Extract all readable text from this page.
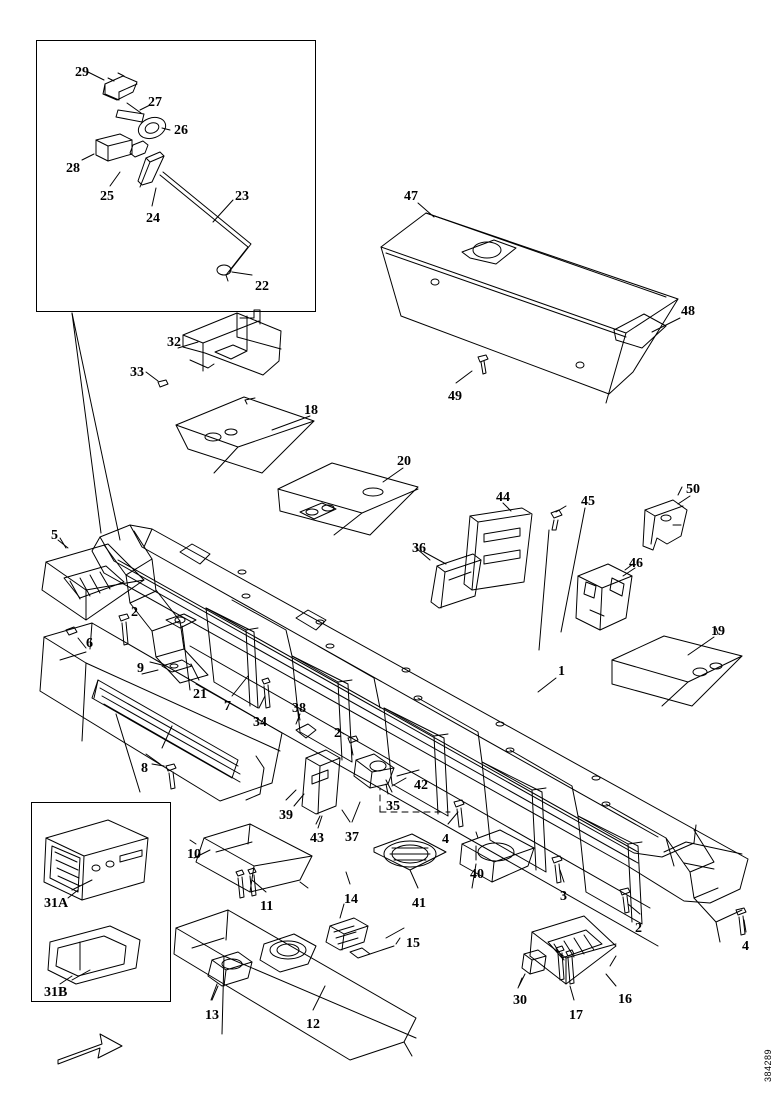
29
27
26
28
25
24
23
22
47
48
49
32
33
18
20
44	45
50
36
46
5
19
2
6
9	1
21
7
34
38
2
42
35
8
39
43 37	4
40
41	3
2
4
10
11	14
15
13
12
30
17
16
31A
31B
384289
